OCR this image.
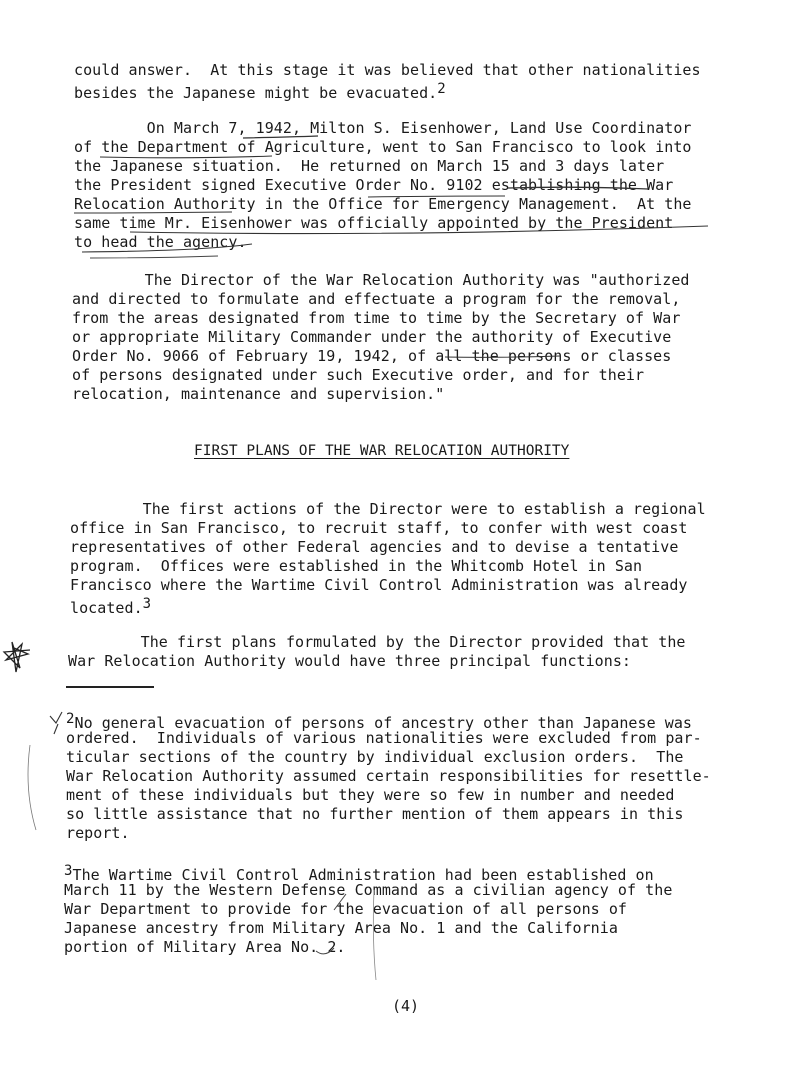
could answer.  At this stage it was believed that other nationalities
besides the Japanese might be evacuated.2
On March 7, 1942, Milton S. Eisenhower, Land Use Coordinator
of the Department of Agriculture, went to San Francisco to look into
the Japanese situation.  He returned on March 15 and 3 days later
the President signed Executive Order No. 9102 establishing the War
Relocation Authority in the Office for Emergency Management.  At the
same time Mr. Eisenhower was officially appointed by the President
to head the agency.
The Director of the War Relocation Authority was "authorized
and directed to formulate and effectuate a program for the removal,
from the areas designated from time to time by the Secretary of War
or appropriate Military Commander under the authority of Executive
Order No. 9066 of February 19, 1942, of all the persons or classes
of persons designated under such Executive order, and for their
relocation, maintenance and supervision."
FIRST PLANS OF THE WAR RELOCATION AUTHORITY
The first actions of the Director were to establish a regional
office in San Francisco, to recruit staff, to confer with west coast
representatives of other Federal agencies and to devise a tentative
program.  Offices were established in the Whitcomb Hotel in San
Francisco where the Wartime Civil Control Administration was already
located.3
The first plans formulated by the Director provided that the
War Relocation Authority would have three principal functions:
2No general evacuation of persons of ancestry other than Japanese was
ordered.  Individuals of various nationalities were excluded from par-
ticular sections of the country by individual exclusion orders.  The
War Relocation Authority assumed certain responsibilities for resettle-
ment of these individuals but they were so few in number and needed
so little assistance that no further mention of them appears in this
report.
3The Wartime Civil Control Administration had been established on
March 11 by the Western Defense Command as a civilian agency of the
War Department to provide for the evacuation of all persons of
Japanese ancestry from Military Area No. 1 and the California
portion of Military Area No. 2.
(4)
